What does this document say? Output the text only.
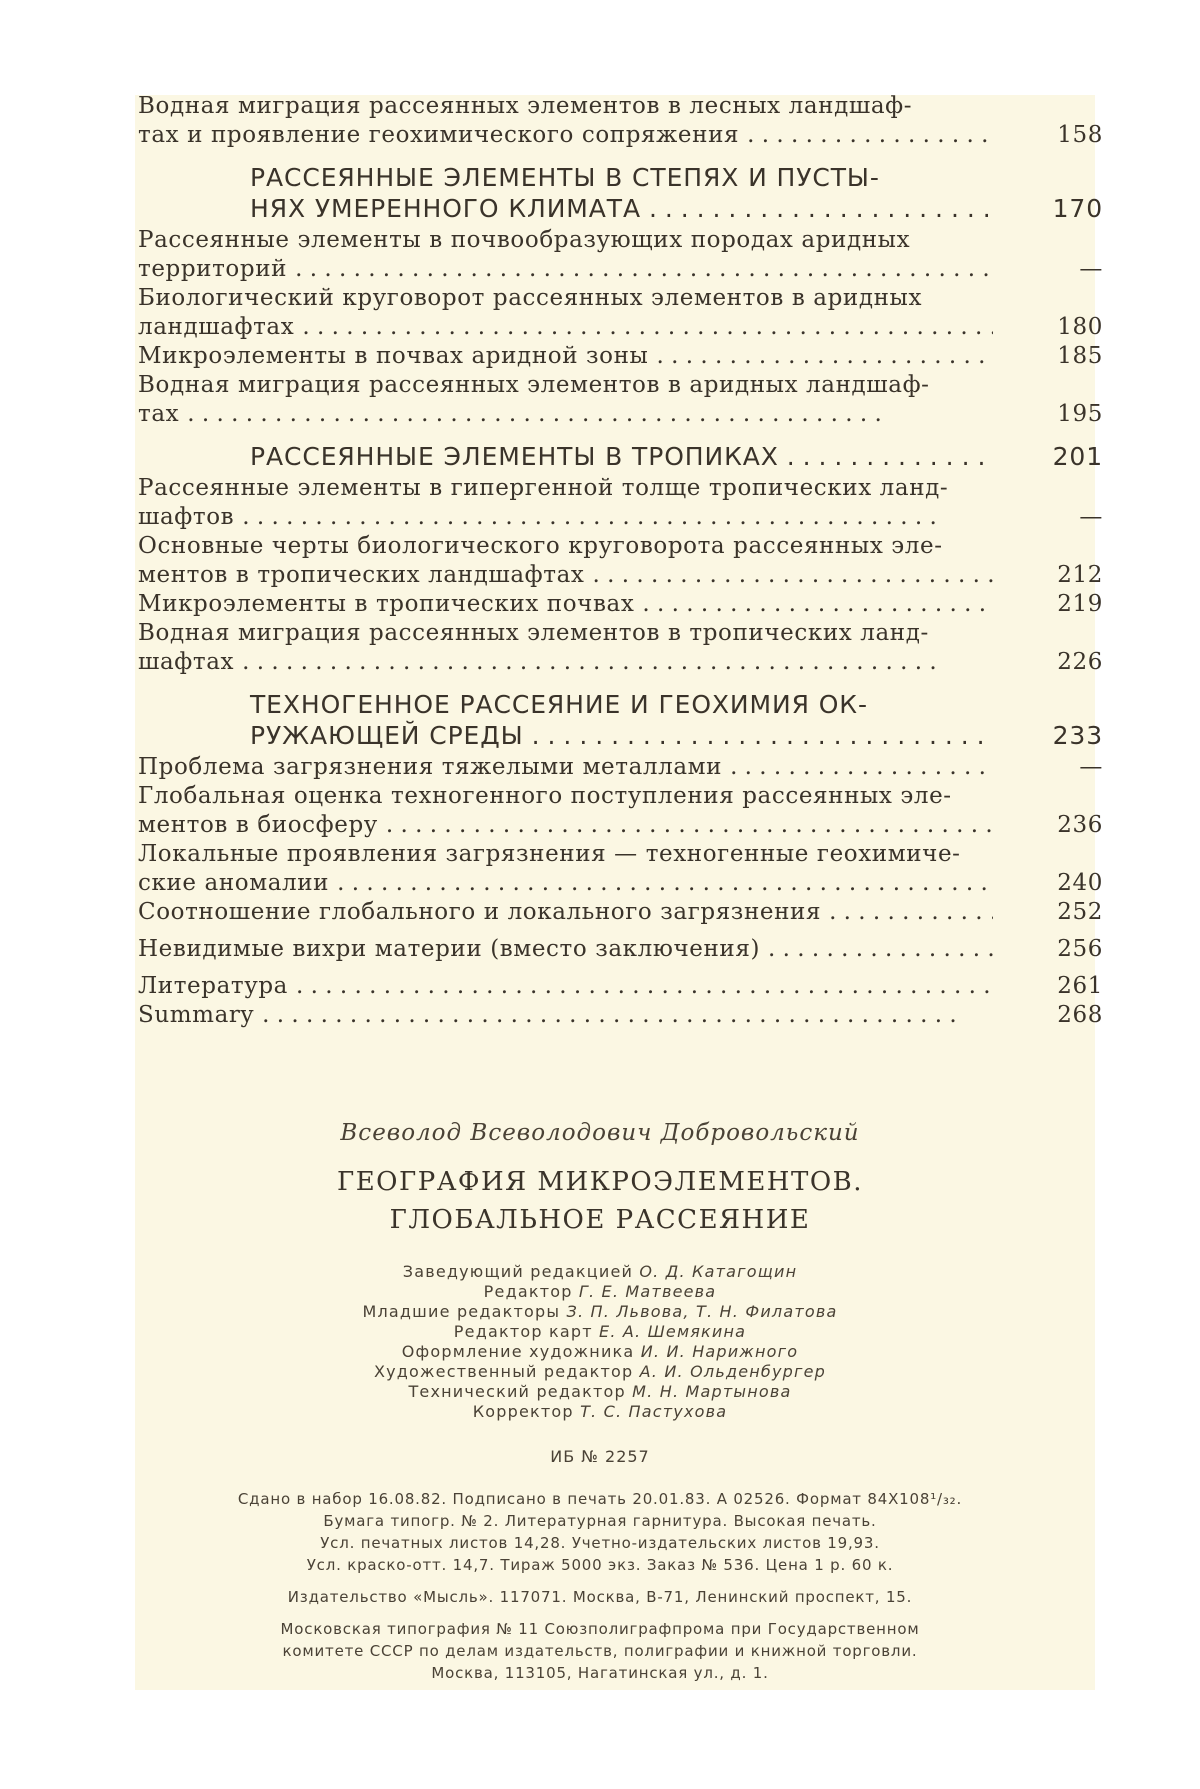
Водная миграция рассеянных элементов в лесных ландшаф-
тах и проявление геохимического сопряжения . .	158
РАССЕЯННЫЕ ЭЛЕМЕНТЫ В СТЕПЯХ И ПУСТЫ-
НЯХ УМЕРЕННОГО КЛИМАТА . .	170
Рассеянные элементы в почвообразующих породах аридных
территорий . .	—
Биологический круговорот рассеянных элементов в аридных
ландшафтах . .	180
Микроэлементы в почвах аридной зоны . .	185
Водная миграция рассеянных элементов в аридных ландшаф-
тах . .	195
РАССЕЯННЫЕ ЭЛЕМЕНТЫ В ТРОПИКАХ . .	201
Рассеянные элементы в гипергенной толще тропических ланд-
шафтов . .	—
Основные черты биологического круговорота рассеянных эле-
ментов в тропических ландшафтах . .	212
Микроэлементы в тропических почвах . .	219
Водная миграция рассеянных элементов в тропических ланд-
шафтах . .	226
ТЕХНОГЕННОЕ РАССЕЯНИЕ И ГЕОХИМИЯ ОК-
РУЖАЮЩЕЙ СРЕДЫ . .	233
Проблема загрязнения тяжелыми металлами . .	—
Глобальная оценка техногенного поступления рассеянных эле-
ментов в биосферу . .	236
Локальные проявления загрязнения — техногенные геохимиче-
ские аномалии . .	240
Соотношение глобального и локального загрязнения . .	252
Невидимые вихри материи (вместо заключения) . .	256
Литература . .	261
Summary . .	268
Всеволод Всеволодович Добровольский
ГЕОГРАФИЯ МИКРОЭЛЕМЕНТОВ.
ГЛОБАЛЬНОЕ РАССЕЯНИЕ
Заведующий редакцией О. Д. Катагощин
Редактор Г. Е. Матвеева
Младшие редакторы З. П. Львова, Т. Н. Филатова
Редактор карт Е. А. Шемякина
Оформление художника И. И. Нарижного
Художественный редактор А. И. Ольденбургер
Технический редактор М. Н. Мартынова
Корректор Т. С. Пастухова
ИБ № 2257
Сдано в набор 16.08.82. Подписано в печать 20.01.83. А 02526. Формат 84X108¹/₃₂.
Бумага типогр. № 2. Литературная гарнитура. Высокая печать.
Усл. печатных листов 14,28. Учетно-издательских листов 19,93.
Усл. краско-отт. 14,7. Тираж 5000 экз. Заказ № 536. Цена 1 р. 60 к.
Издательство «Мысль». 117071. Москва, В-71, Ленинский проспект, 15.
Московская типография № 11 Союзполиграфпрома при Государственном
комитете СССР по делам издательств, полиграфии и книжной торговли.
Москва, 113105, Нагатинская ул., д. 1.
